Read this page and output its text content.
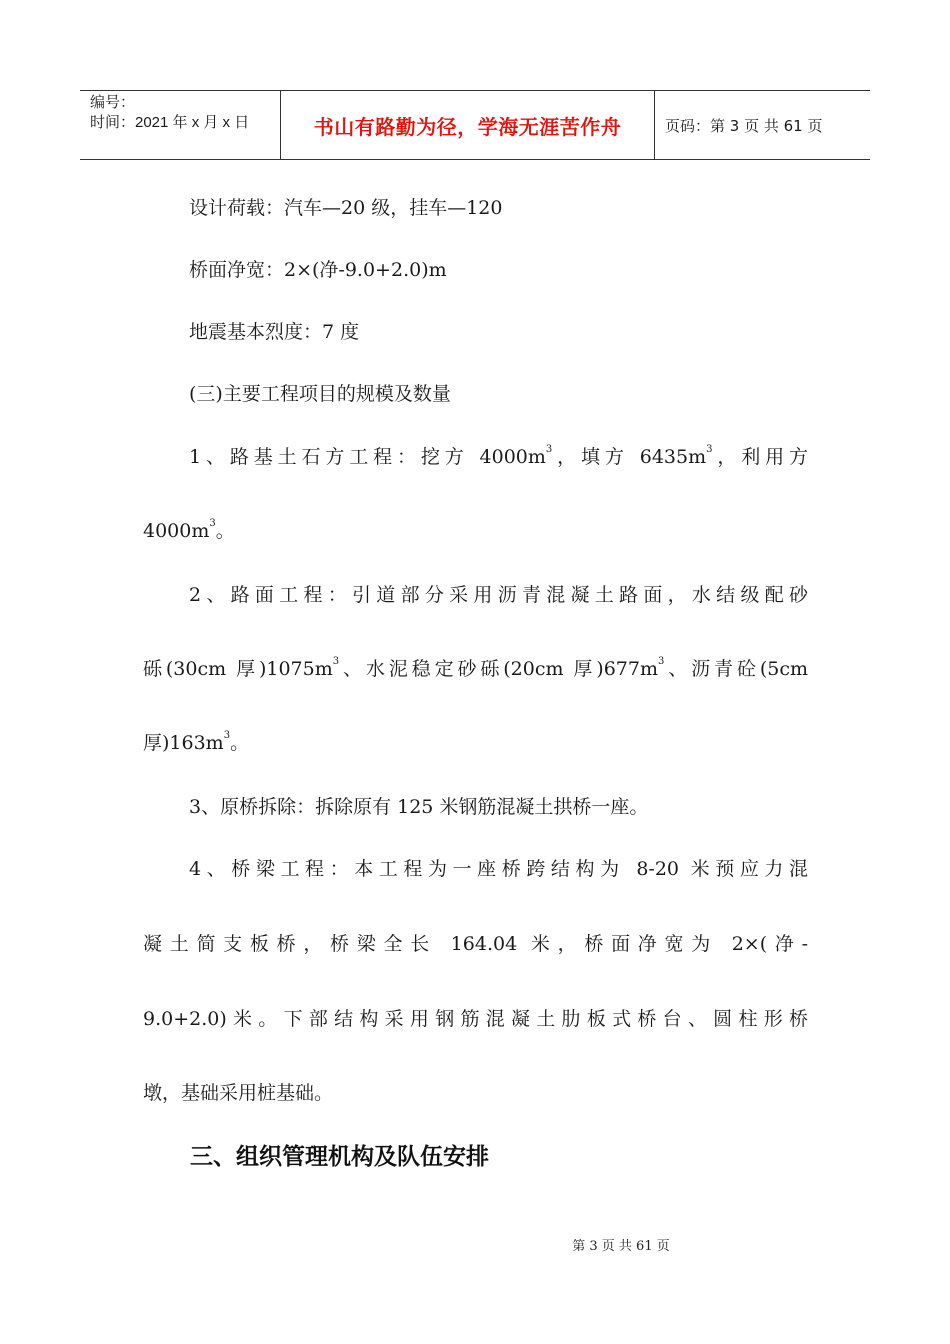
编号：
时间：2021 年 x 月 x 日	书山有路勤为径，学海无涯苦作舟	页码：第 3 页 共 61 页
设计荷载：汽车—20 级，挂车—120
桥面净宽：2×(净-9.0+2.0)m
地震基本烈度：7 度
(三)主要工程项目的规模及数量
1、路基土石方工程：挖方 $4000m^3$，填方 $6435m^3$，利用方
$4000m^3$。
2、路面工程：引道部分采用沥青混凝土路面，水结级配砂
砾(30cm 厚)$1075m^3$、水泥稳定砂砾(20cm 厚)$677m^3$、沥青砼(5cm
厚)$163m^3$。
3、原桥拆除：拆除原有 125 米钢筋混凝土拱桥一座。
4、桥梁工程：本工程为一座桥跨结构为 8-20 米预应力混
凝土简支板桥，桥梁全长 164.04 米，桥面净宽为 2×(净-
9.0+2.0)米。下部结构采用钢筋混凝土肋板式桥台、圆柱形桥
墩，基础采用桩基础。
三、组织管理机构及队伍安排
第 3 页 共 61 页
